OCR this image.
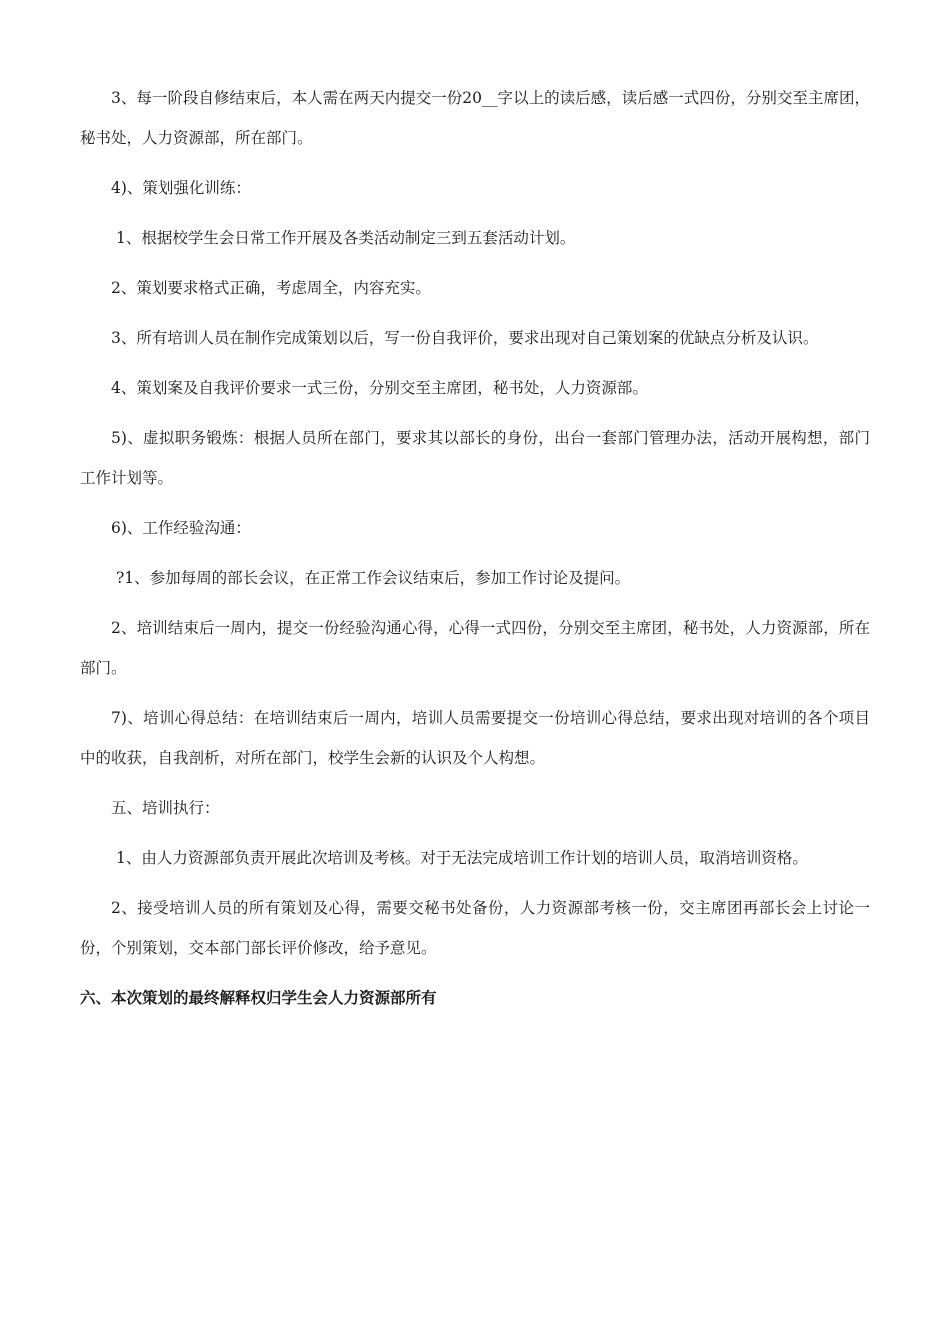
3、每一阶段自修结束后，本人需在两天内提交一份20__字以上的读后感，读后感一式四份，分别交至主席团，秘书处，人力资源部，所在部门。

4)、策划强化训练：

1、根据校学生会日常工作开展及各类活动制定三到五套活动计划。

2、策划要求格式正确，考虑周全，内容充实。

3、所有培训人员在制作完成策划以后，写一份自我评价，要求出现对自己策划案的优缺点分析及认识。

4、策划案及自我评价要求一式三份，分别交至主席团，秘书处，人力资源部。

5)、虚拟职务锻炼：根据人员所在部门，要求其以部长的身份，出台一套部门管理办法，活动开展构想，部门工作计划等。

6)、工作经验沟通：

?1、参加每周的部长会议，在正常工作会议结束后，参加工作讨论及提问。

2、培训结束后一周内，提交一份经验沟通心得，心得一式四份，分别交至主席团，秘书处，人力资源部，所在部门。

7)、培训心得总结：在培训结束后一周内，培训人员需要提交一份培训心得总结，要求出现对培训的各个项目中的收获，自我剖析，对所在部门，校学生会新的认识及个人构想。

五、培训执行：

1、由人力资源部负责开展此次培训及考核。对于无法完成培训工作计划的培训人员，取消培训资格。

2、接受培训人员的所有策划及心得，需要交秘书处备份，人力资源部考核一份，交主席团再部长会上讨论一份，个别策划，交本部门部长评价修改，给予意见。

六、本次策划的最终解释权归学生会人力资源部所有
